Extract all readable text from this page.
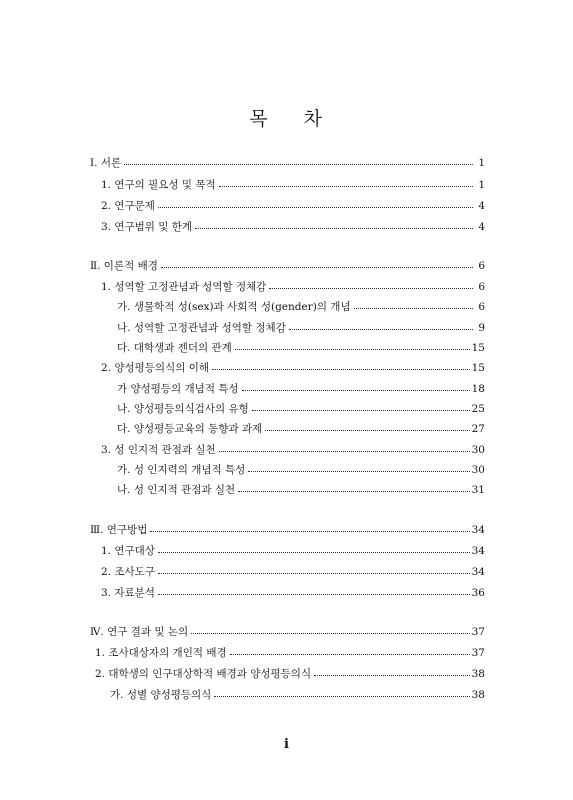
목 차
Ⅰ. 서론	1
1. 연구의 필요성 및 목적	1
2. 연구문제	4
3. 연구범위 및 한계	4
Ⅱ. 이론적 배경	6
1. 성역할 고정관념과 성역할 정체감	6
가. 생물학적 성(sex)과 사회적 성(gender)의 개념	6
나. 성역할 고정관념과 성역할 정체감	9
다. 대학생과 젠더의 관계	15
2. 양성평등의식의 이해	15
가 양성평등의 개념적 특성	18
나. 양성평등의식검사의 유형	25
다. 양성평등교육의 동향과 과제	27
3. 성 인지적 관점과 실천	30
가. 성 인지력의 개념적 특성	30
나. 성 인지적 관점과 실천	31
Ⅲ. 연구방법	34
1. 연구대상	34
2. 조사도구	34
3. 자료분석	36
Ⅳ. 연구 결과 및 논의	37
1. 조사대상자의 개인적 배경	37
2. 대학생의 인구대상학적 배경과 양성평등의식	38
가. 성별 양성평등의식	38
i
